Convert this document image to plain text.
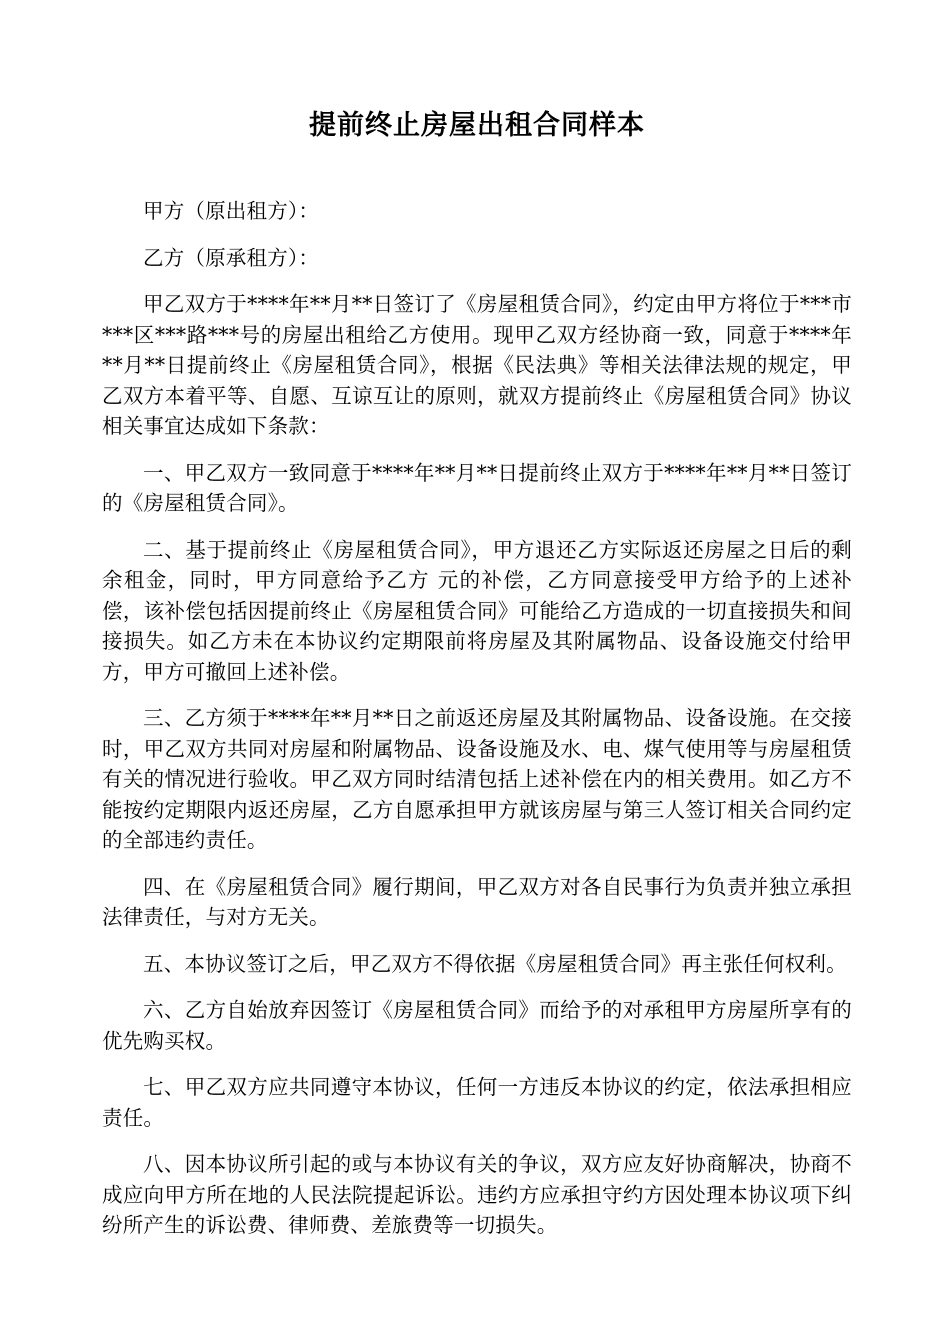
提前终止房屋出租合同样本

甲方（原出租方）：

乙方（原承租方）：

甲乙双方于****年**月**日签订了《房屋租赁合同》，约定由甲方将位于***市***区***路***号的房屋出租给乙方使用。现甲乙双方经协商一致，同意于****年**月**日提前终止《房屋租赁合同》，根据《民法典》等相关法律法规的规定，甲乙双方本着平等、自愿、互谅互让的原则，就双方提前终止《房屋租赁合同》协议相关事宜达成如下条款：

一、甲乙双方一致同意于****年**月**日提前终止双方于****年**月**日签订的《房屋租赁合同》。

二、基于提前终止《房屋租赁合同》，甲方退还乙方实际返还房屋之日后的剩余租金，同时，甲方同意给予乙方 元的补偿，乙方同意接受甲方给予的上述补偿，该补偿包括因提前终止《房屋租赁合同》可能给乙方造成的一切直接损失和间接损失。如乙方未在本协议约定期限前将房屋及其附属物品、设备设施交付给甲方，甲方可撤回上述补偿。

三、乙方须于****年**月**日之前返还房屋及其附属物品、设备设施。在交接时，甲乙双方共同对房屋和附属物品、设备设施及水、电、煤气使用等与房屋租赁有关的情况进行验收。甲乙双方同时结清包括上述补偿在内的相关费用。如乙方不能按约定期限内返还房屋，乙方自愿承担甲方就该房屋与第三人签订相关合同约定的全部违约责任。

四、在《房屋租赁合同》履行期间，甲乙双方对各自民事行为负责并独立承担法律责任，与对方无关。

五、本协议签订之后，甲乙双方不得依据《房屋租赁合同》再主张任何权利。

六、乙方自始放弃因签订《房屋租赁合同》而给予的对承租甲方房屋所享有的优先购买权。

七、甲乙双方应共同遵守本协议，任何一方违反本协议的约定，依法承担相应责任。

八、因本协议所引起的或与本协议有关的争议，双方应友好协商解决，协商不成应向甲方所在地的人民法院提起诉讼。违约方应承担守约方因处理本协议项下纠纷所产生的诉讼费、律师费、差旅费等一切损失。
